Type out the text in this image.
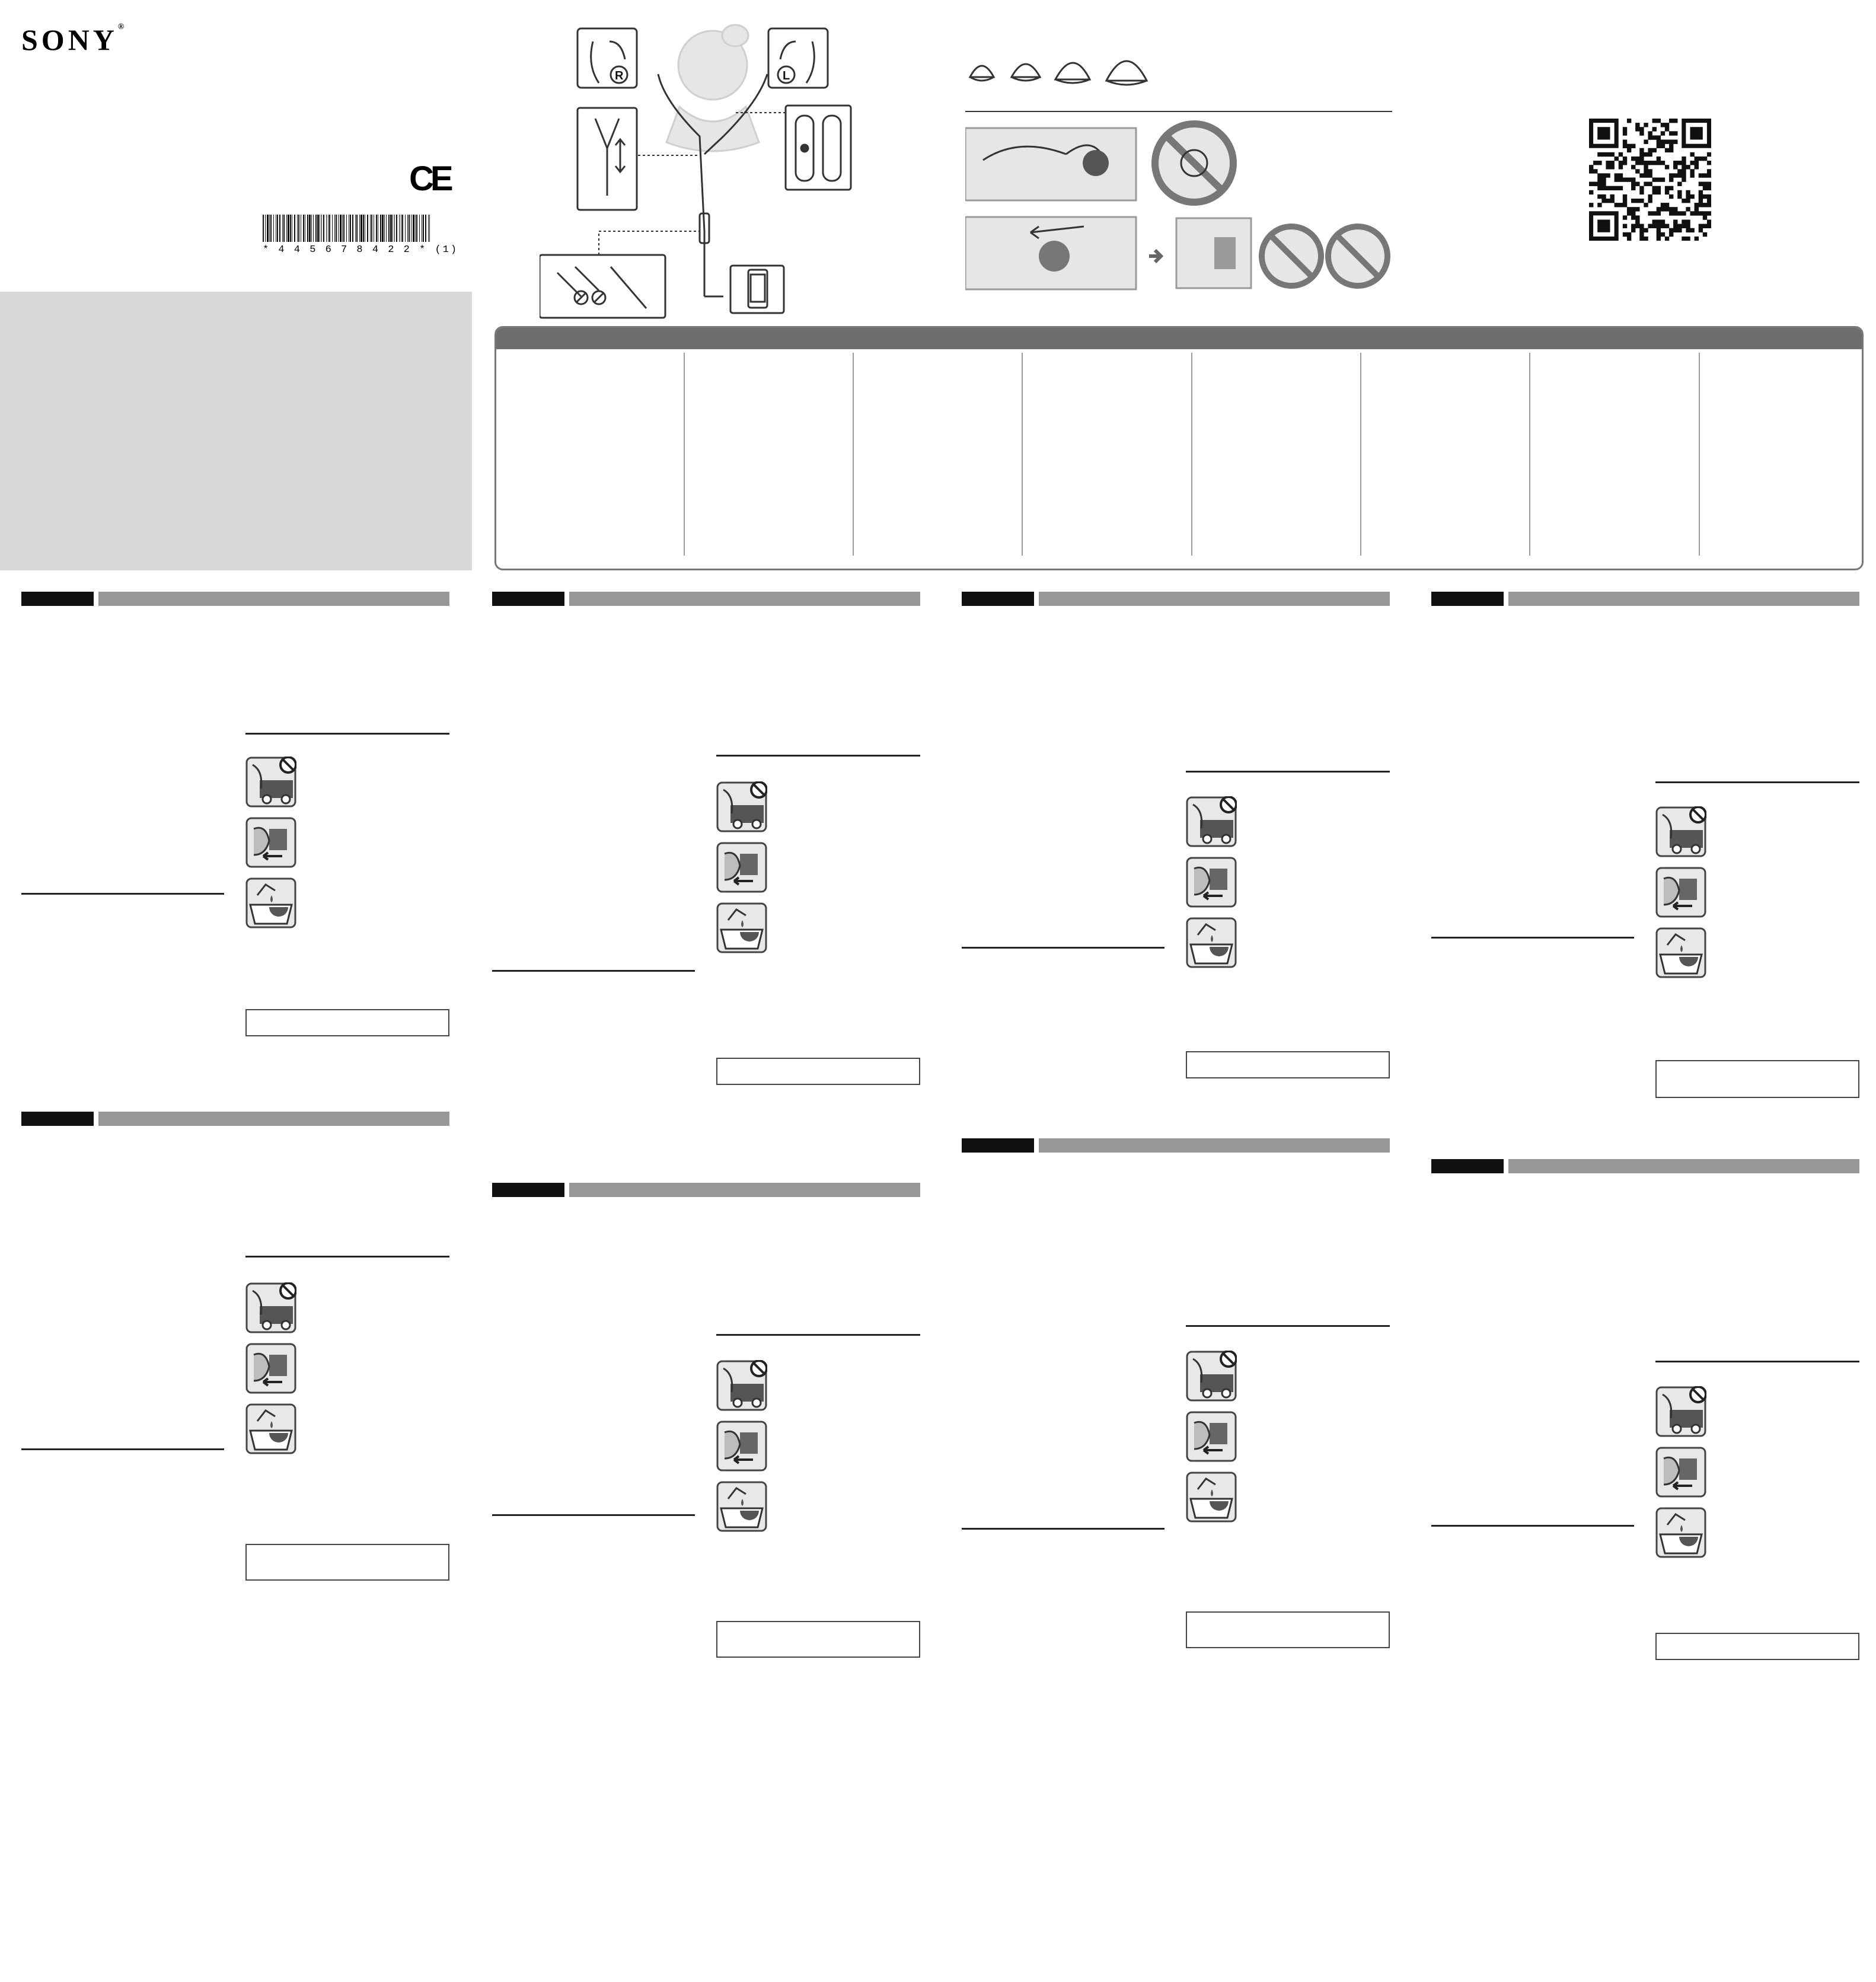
SONY®
CE
* 4 4 5 6 7 8 4 2 2 * (1)
R	L
